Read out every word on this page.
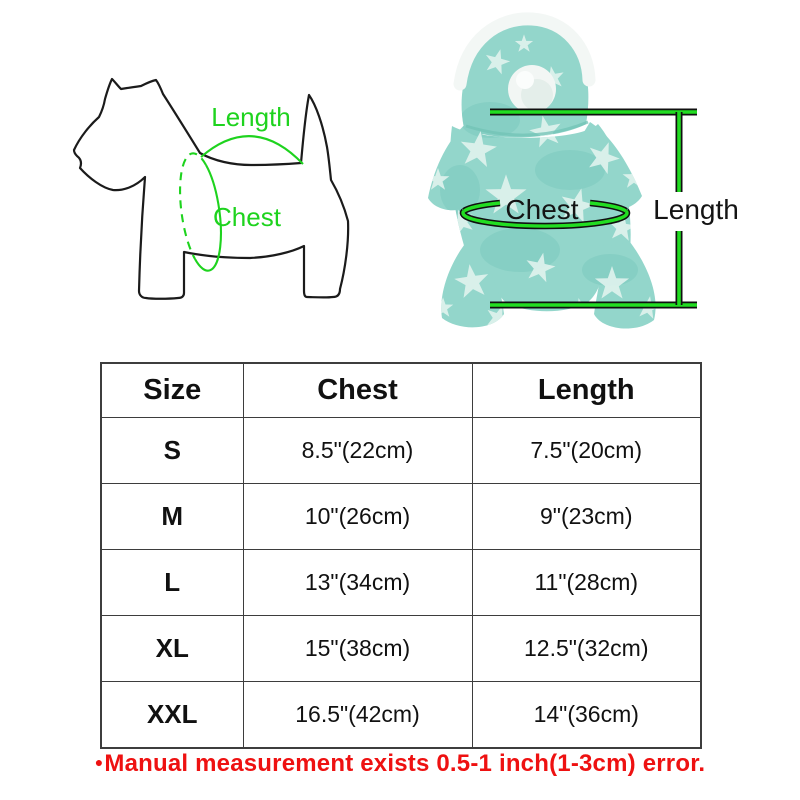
Length
Chest	Chest	Length
Size	Chest	Length
S	8.5"(22cm)	7.5"(20cm)
M	10"(26cm)	9"(23cm)
L	13"(34cm)	11"(28cm)
XL	15"(38cm)	12.5"(32cm)
XXL	16.5"(42cm)	14"(36cm)
●Manual measurement exists 0.5-1 inch(1-3cm) error.
